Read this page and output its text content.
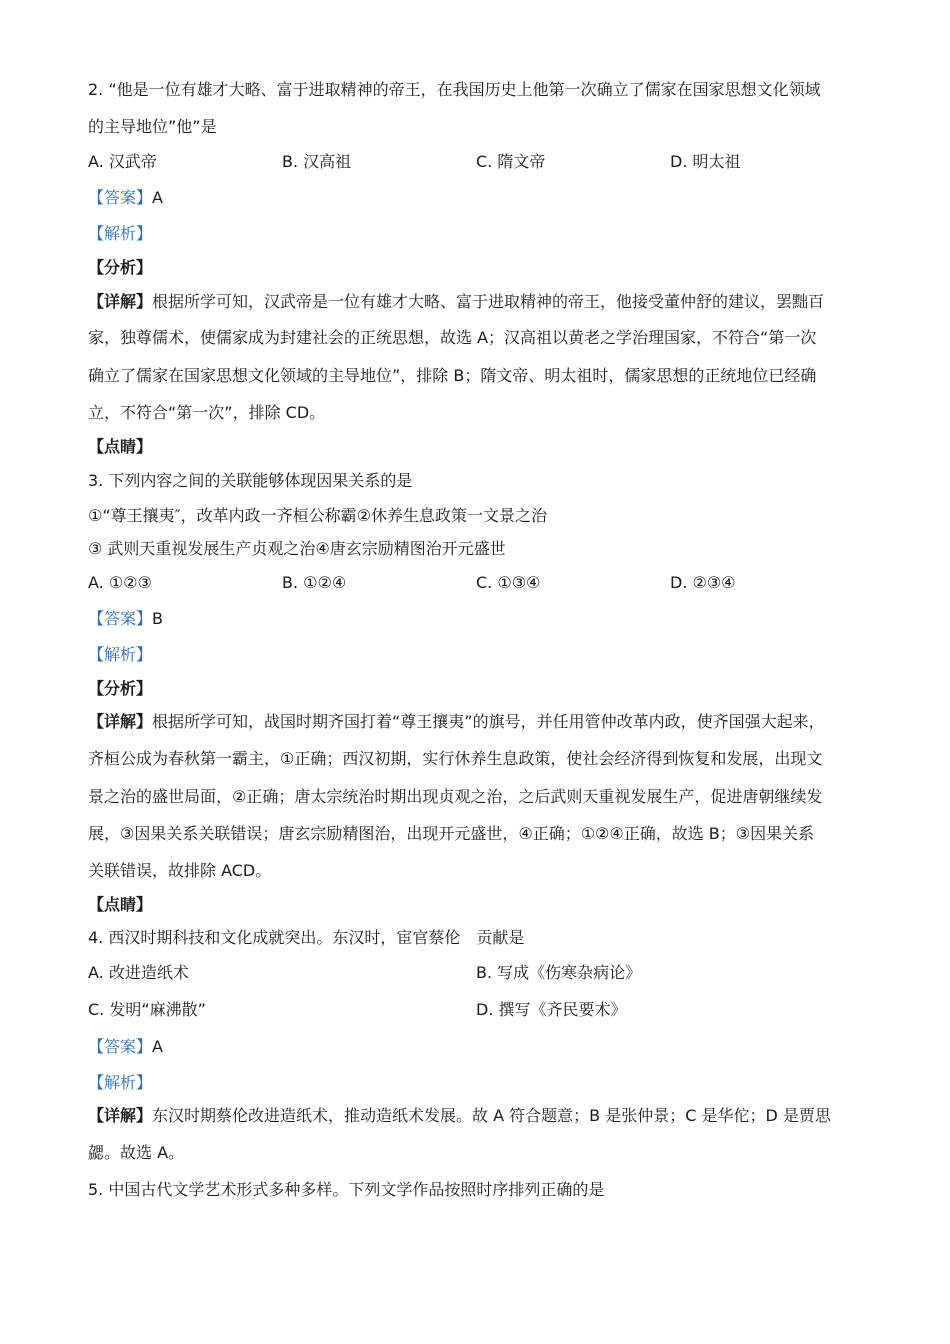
2. “他是一位有雄才大略、富于进取精神的帝王，在我国历史上他第一次确立了儒家在国家思想文化领域
的主导地位”他”是
A. 汉武帝	B. 汉高祖	C. 隋文帝	D. 明太祖
【答案】A
【解析】
【分析】
【详解】根据所学可知，汉武帝是一位有雄才大略、富于进取精神的帝王，他接受董仲舒的建议，罢黜百
家，独尊儒术，使儒家成为封建社会的正统思想，故选 A；汉高祖以黄老之学治理国家，不符合“第一次
确立了儒家在国家思想文化领域的主导地位”，排除 B；隋文帝、明太祖时，儒家思想的正统地位已经确
立，不符合“第一次”，排除 CD。
【点睛】
3. 下列内容之间的关联能够体现因果关系的是
①“尊王攘夷″，改革内政一齐桓公称霸②休养生息政策一文景之治
③ 武则天重视发展生产贞观之治④唐玄宗励精图治开元盛世
A. ①②③	B. ①②④	C. ①③④	D. ②③④
【答案】B
【解析】
【分析】
【详解】根据所学可知，战国时期齐国打着“尊王攘夷”的旗号，并任用管仲改革内政，使齐国强大起来，
齐桓公成为春秋第一霸主，①正确；西汉初期，实行休养生息政策，使社会经济得到恢复和发展，出现文
景之治的盛世局面，②正确；唐太宗统治时期出现贞观之治，之后武则天重视发展生产，促进唐朝继续发
展，③因果关系关联错误；唐玄宗励精图治，出现开元盛世，④正确；①②④正确，故选 B；③因果关系
关联错误，故排除 ACD。
【点睛】
4. 西汉时期科技和文化成就突出。东汉时，宦官蔡伦　贡献是
A. 改进造纸术	B. 写成《伤寒杂病论》
C. 发明“麻沸散”	D. 撰写《齐民要术》
【答案】A
【解析】
【详解】东汉时期蔡伦改进造纸术，推动造纸术发展。故 A 符合题意；B 是张仲景；C 是华佗；D 是贾思
勰。故选 A。
5. 中国古代文学艺术形式多种多样。下列文学作品按照时序排列正确的是
